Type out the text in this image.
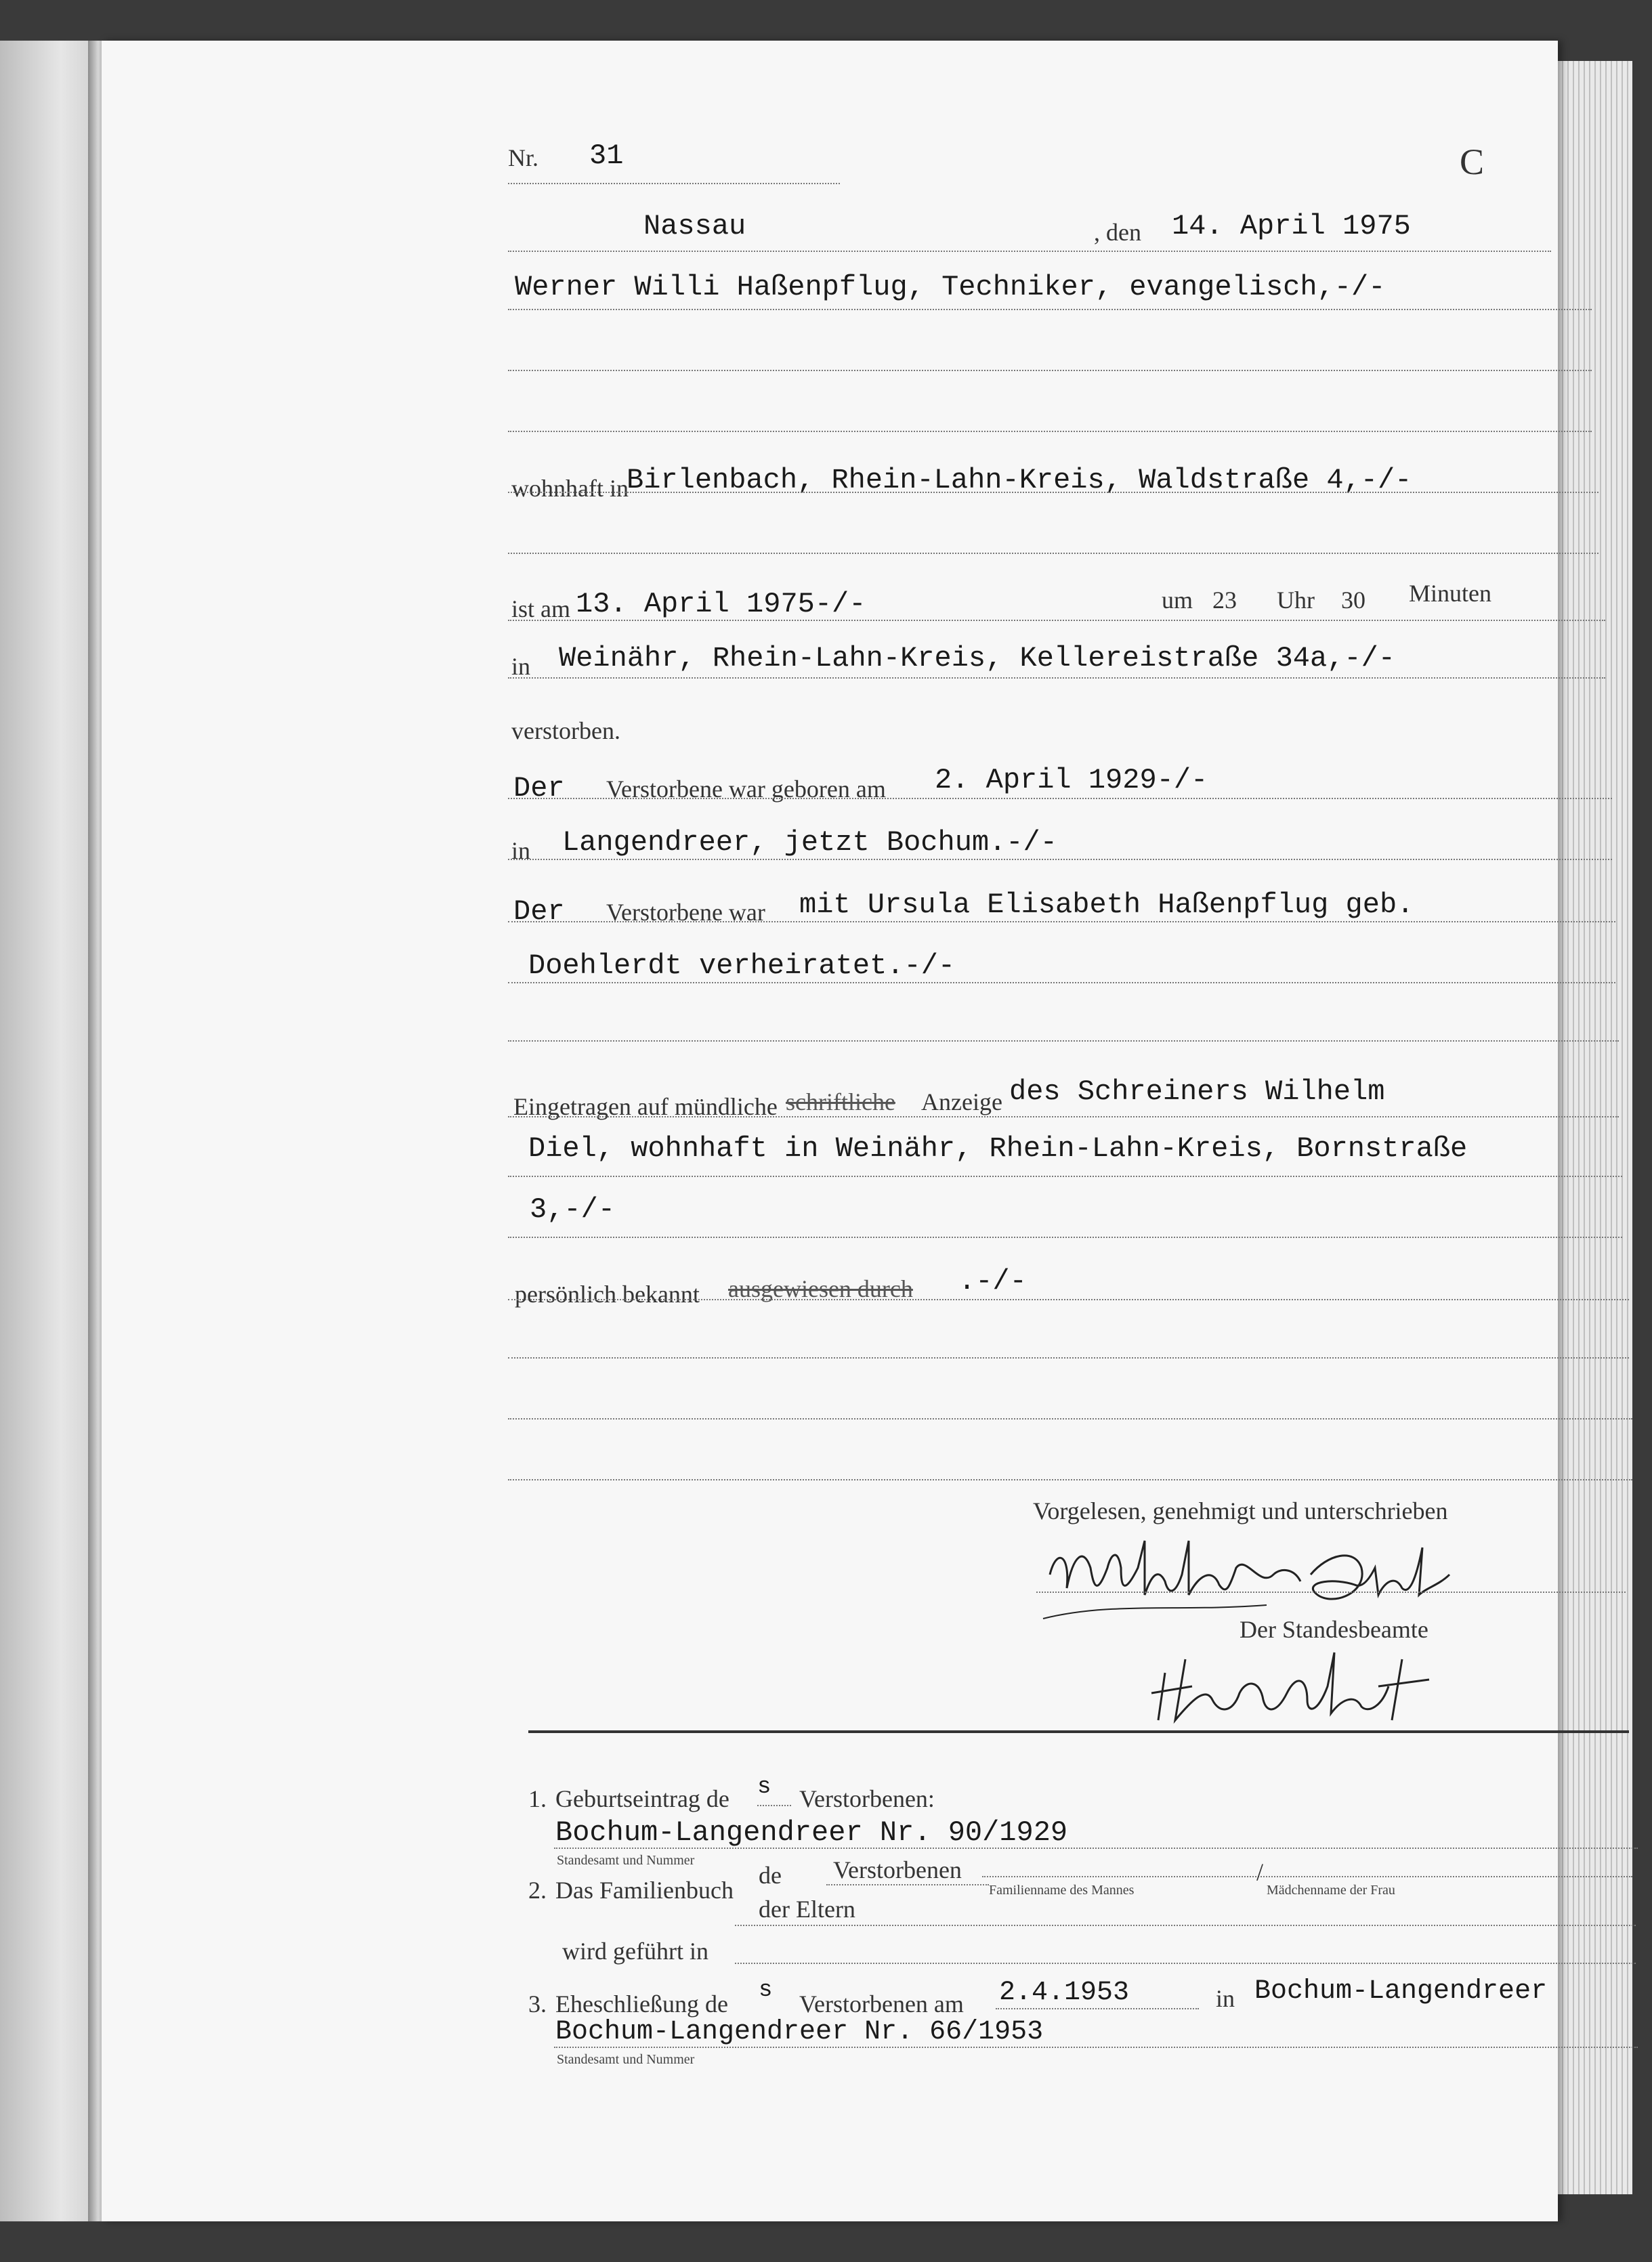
Nr. 31	C
Nassau	, den 14. April 1975
Werner Willi Haßenpflug, Techniker, evangelisch,-/-
wohnhaft in
Birlenbach, Rhein-Lahn-Kreis, Waldstraße 4,-/-
ist am 13. April 1975-/-	um 23 Uhr 30 Minuten
in Weinähr, Rhein-Lahn-Kreis, Kellereistraße 34a,-/-
verstorben.
Der Verstorbene war geboren am 2. April 1929-/-
in Langendreer, jetzt Bochum.-/-
Der Verstorbene war mit Ursula Elisabeth Haßenpflug geb.
Doehlerdt verheiratet.-/-
Eingetragen auf mündliche schriftliche Anzeige des Schreiners Wilhelm
Diel, wohnhaft in Weinähr, Rhein-Lahn-Kreis, Bornstraße
3,-/-
persönlich bekannt ausgewiesen durch .-/-
Vorgelesen, genehmigt und unterschrieben
Der Standesbeamte
1. Geburtseintrag de s Verstorbenen:
Bochum-Langendreer Nr. 90/1929
Standesamt und Nummer
2. Das Familienbuch
de Verstorbenen
der Eltern
Familienname des Mannes
/
Mädchenname der Frau
wird geführt in
3. Eheschließung de s Verstorbenen am 2.4.1953	in Bochum-Langendreer
Bochum-Langendreer Nr. 66/1953
Standesamt und Nummer
